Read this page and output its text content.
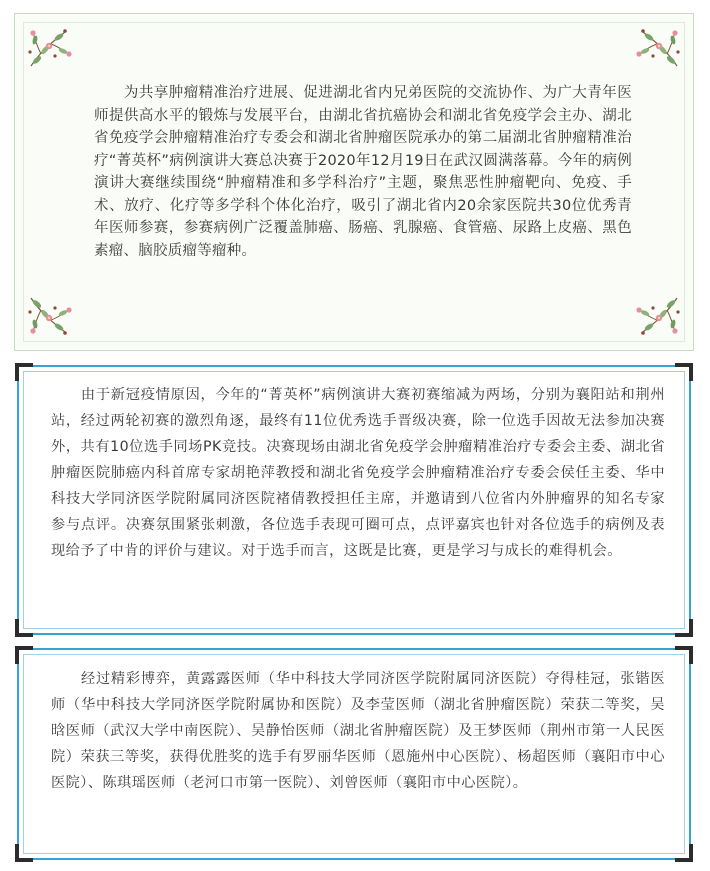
　　为共享肿瘤精准治疗进展、促进湖北省内兄弟医院的交流协作、为广大青年医师提供高水平的锻炼与发展平台，由湖北省抗癌协会和湖北省免疫学会主办、湖北省免疫学会肿瘤精准治疗专委会和湖北省肿瘤医院承办的第二届湖北省肿瘤精准治疗“菁英杯”病例演讲大赛总决赛于2020年12月19日在武汉圆满落幕。今年的病例演讲大赛继续围绕“肿瘤精准和多学科治疗”主题，聚焦恶性肿瘤靶向、免疫、手术、放疗、化疗等多学科个体化治疗，吸引了湖北省内20余家医院共30位优秀青年医师参赛，参赛病例广泛覆盖肺癌、肠癌、乳腺癌、食管癌、尿路上皮癌、黑色素瘤、脑胶质瘤等瘤种。

　　由于新冠疫情原因，今年的“菁英杯”病例演讲大赛初赛缩减为两场，分别为襄阳站和荆州站，经过两轮初赛的激烈角逐，最终有11位优秀选手晋级决赛，除一位选手因故无法参加决赛外，共有10位选手同场PK竞技。决赛现场由湖北省免疫学会肿瘤精准治疗专委会主委、湖北省肿瘤医院肺癌内科首席专家胡艳萍教授和湖北省免疫学会肿瘤精准治疗专委会侯任主委、华中科技大学同济医学院附属同济医院褚倩教授担任主席，并邀请到八位省内外肿瘤界的知名专家参与点评。决赛氛围紧张刺激，各位选手表现可圈可点，点评嘉宾也针对各位选手的病例及表现给予了中肯的评价与建议。对于选手而言，这既是比赛，更是学习与成长的难得机会。

　　经过精彩博弈，黄露露医师（华中科技大学同济医学院附属同济医院）夺得桂冠，张锴医师（华中科技大学同济医学院附属协和医院）及李莹医师（湖北省肿瘤医院）荣获二等奖，吴晗医师（武汉大学中南医院）、吴静怡医师（湖北省肿瘤医院）及王梦医师（荆州市第一人民医院）荣获三等奖，获得优胜奖的选手有罗丽华医师（恩施州中心医院）、杨超医师（襄阳市中心医院）、陈琪瑶医师（老河口市第一医院）、刘曾医师（襄阳市中心医院）。
